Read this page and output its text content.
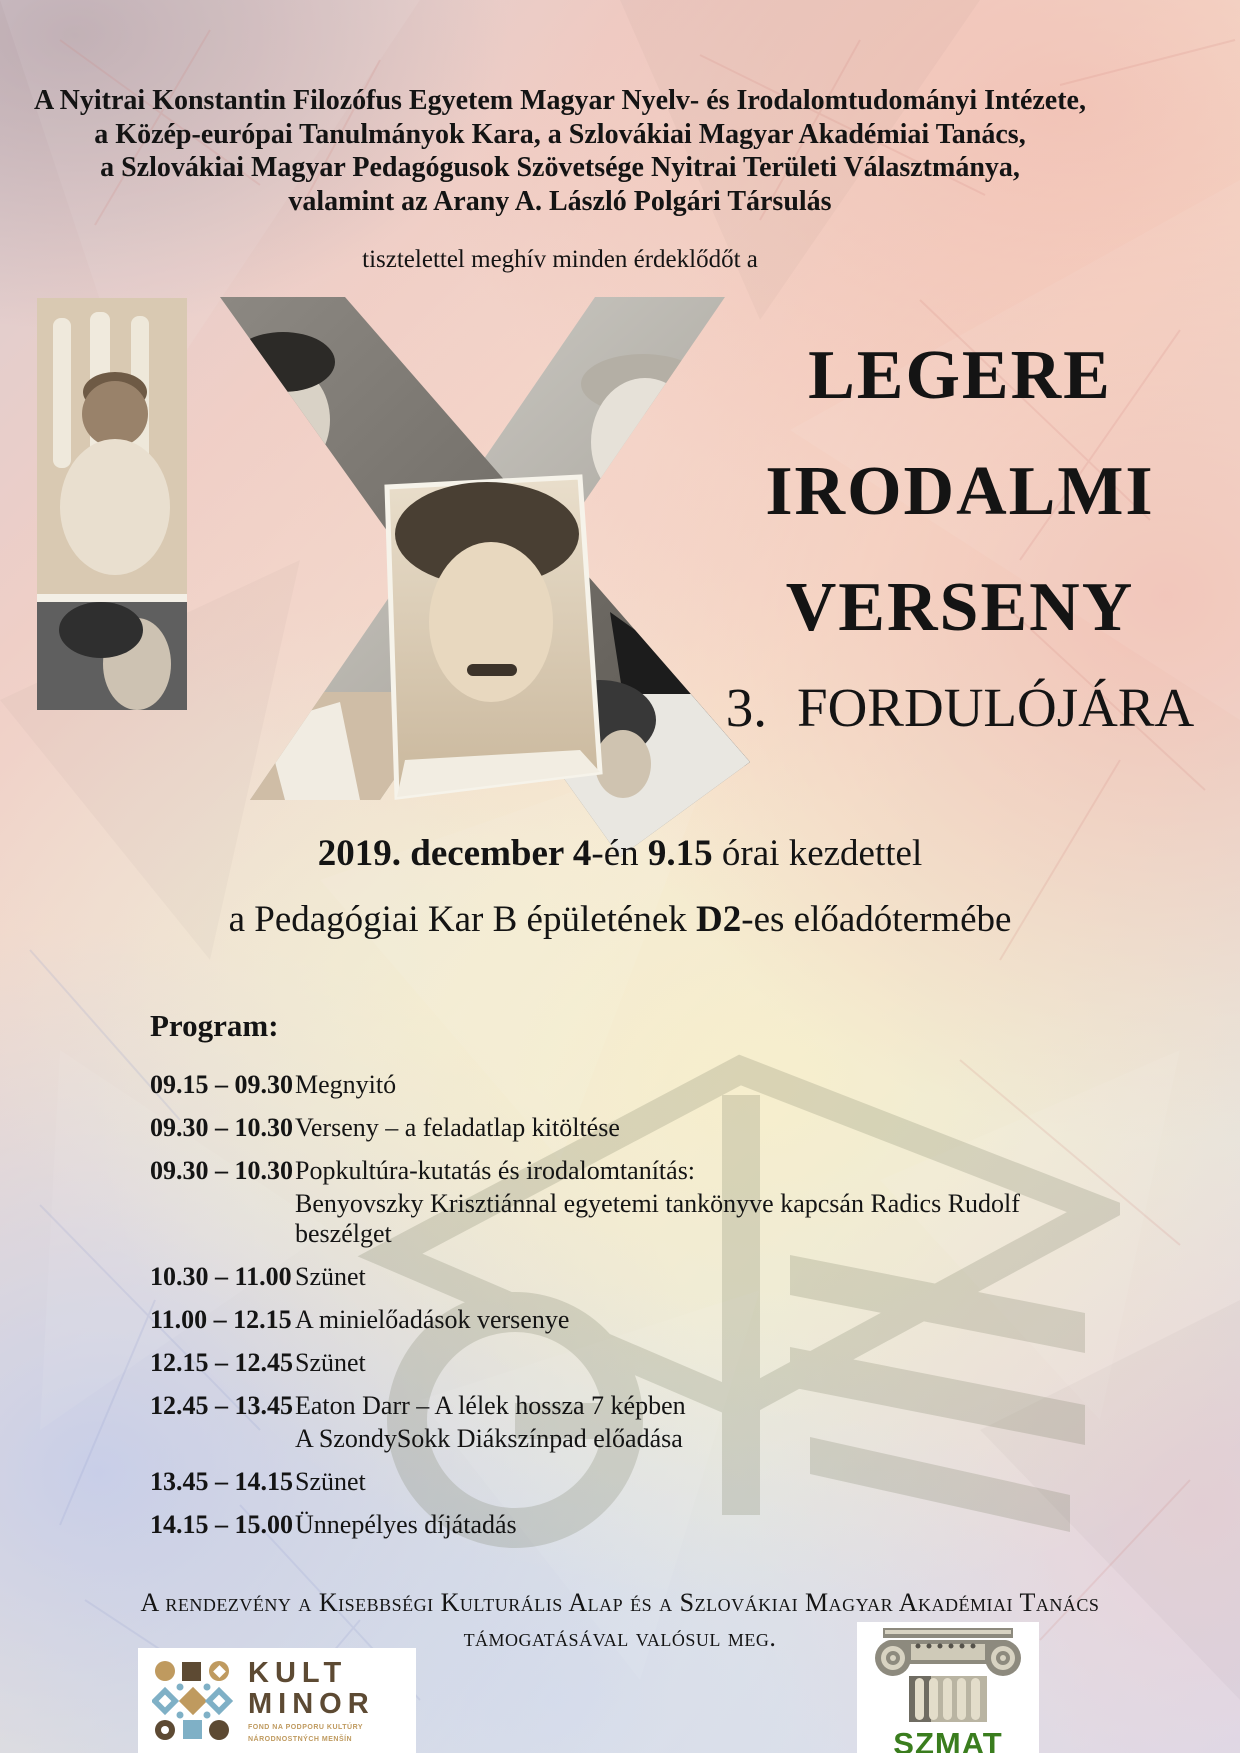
A Nyitrai Konstantin Filozófus Egyetem Magyar Nyelv- és Irodalomtudományi Intézete,
a Közép-európai Tanulmányok Kara, a Szlovákiai Magyar Akadémiai Tanács,
a Szlovákiai Magyar Pedagógusok Szövetsége Nyitrai Területi Választmánya,
valamint az Arany A. László Polgári Társulás
tisztelettel meghív minden érdeklődőt a
LEGERE
IRODALMI
VERSENY
3. FORDULÓJÁRA
2019. december 4-én 9.15 órai kezdettel
a Pedagógiai Kar B épületének D2-es előadótermébe
Program:
09.15 – 09.30 Megnyitó
09.30 – 10.30 Verseny – a feladatlap kitöltése
09.30 – 10.30 Popkultúra-kutatás és irodalomtanítás:
Benyovszky Krisztiánnal egyetemi tankönyve kapcsán Radics Rudolf beszélget
10.30 – 11.00 Szünet
11.00 – 12.15 A minielőadások versenye
12.15 – 12.45 Szünet
12.45 – 13.45 Eaton Darr – A lélek hossza 7 képben
A SzondySokk Diákszínpad előadása
13.45 – 14.15 Szünet
14.15 – 15.00 Ünnepélyes díjátadás
A rendezvény a Kisebbségi Kulturális Alap és a Szlovákiai Magyar Akadémiai Tanács
támogatásával valósul meg.
KULT
MINOR
FOND NA PODPORU KULTÚRY
NÁRODNOSTNÝCH MENŠÍN	SZMAT
